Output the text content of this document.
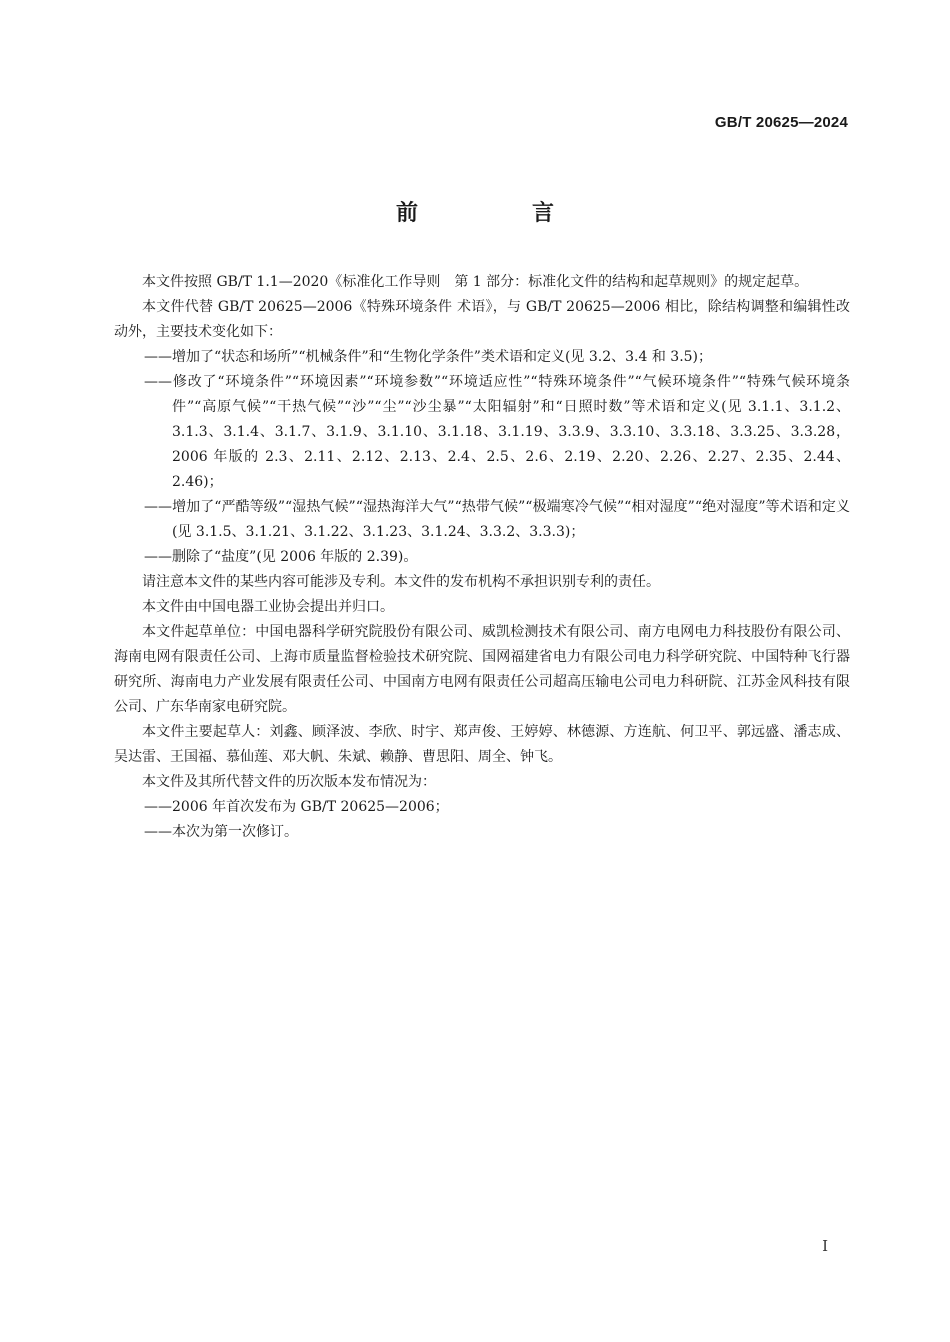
GB/T 20625—2024
前　言

本文件按照 GB/T 1.1—2020《标准化工作导则　第 1 部分：标准化文件的结构和起草规则》的规定起草。

本文件代替 GB/T 20625—2006《特殊环境条件 术语》，与 GB/T 20625—2006 相比，除结构调整和编辑性改动外，主要技术变化如下：

——增加了“状态和场所”“机械条件”和“生物化学条件”类术语和定义(见 3.2、3.4 和 3.5)；

——修改了“环境条件”“环境因素”“环境参数”“环境适应性”“特殊环境条件”“气候环境条件”“特殊气候环境条件”“高原气候”“干热气候”“沙”“尘”“沙尘暴”“太阳辐射”和“日照时数”等术语和定义(见 3.1.1、3.1.2、3.1.3、3.1.4、3.1.7、3.1.9、3.1.10、3.1.18、3.1.19、3.3.9、3.3.10、3.3.18、3.3.25、3.3.28，2006 年版的 2.3、2.11、2.12、2.13、2.4、2.5、2.6、2.19、2.20、2.26、2.27、2.35、2.44、2.46)；

——增加了“严酷等级”“湿热气候”“湿热海洋大气”“热带气候”“极端寒冷气候”“相对湿度”“绝对湿度”等术语和定义(见 3.1.5、3.1.21、3.1.22、3.1.23、3.1.24、3.3.2、3.3.3)；

——删除了“盐度”(见 2006 年版的 2.39)。

请注意本文件的某些内容可能涉及专利。本文件的发布机构不承担识别专利的责任。

本文件由中国电器工业协会提出并归口。

本文件起草单位：中国电器科学研究院股份有限公司、威凯检测技术有限公司、南方电网电力科技股份有限公司、海南电网有限责任公司、上海市质量监督检验技术研究院、国网福建省电力有限公司电力科学研究院、中国特种飞行器研究所、海南电力产业发展有限责任公司、中国南方电网有限责任公司超高压输电公司电力科研院、江苏金风科技有限公司、广东华南家电研究院。

本文件主要起草人：刘鑫、顾泽波、李欣、时宇、郑声俊、王婷婷、林德源、方连航、何卫平、郭远盛、潘志成、吴达雷、王国福、慕仙莲、邓大帆、朱斌、赖静、曹思阳、周全、钟飞。

本文件及其所代替文件的历次版本发布情况为：

——2006 年首次发布为 GB/T 20625—2006；

——本次为第一次修订。

I
